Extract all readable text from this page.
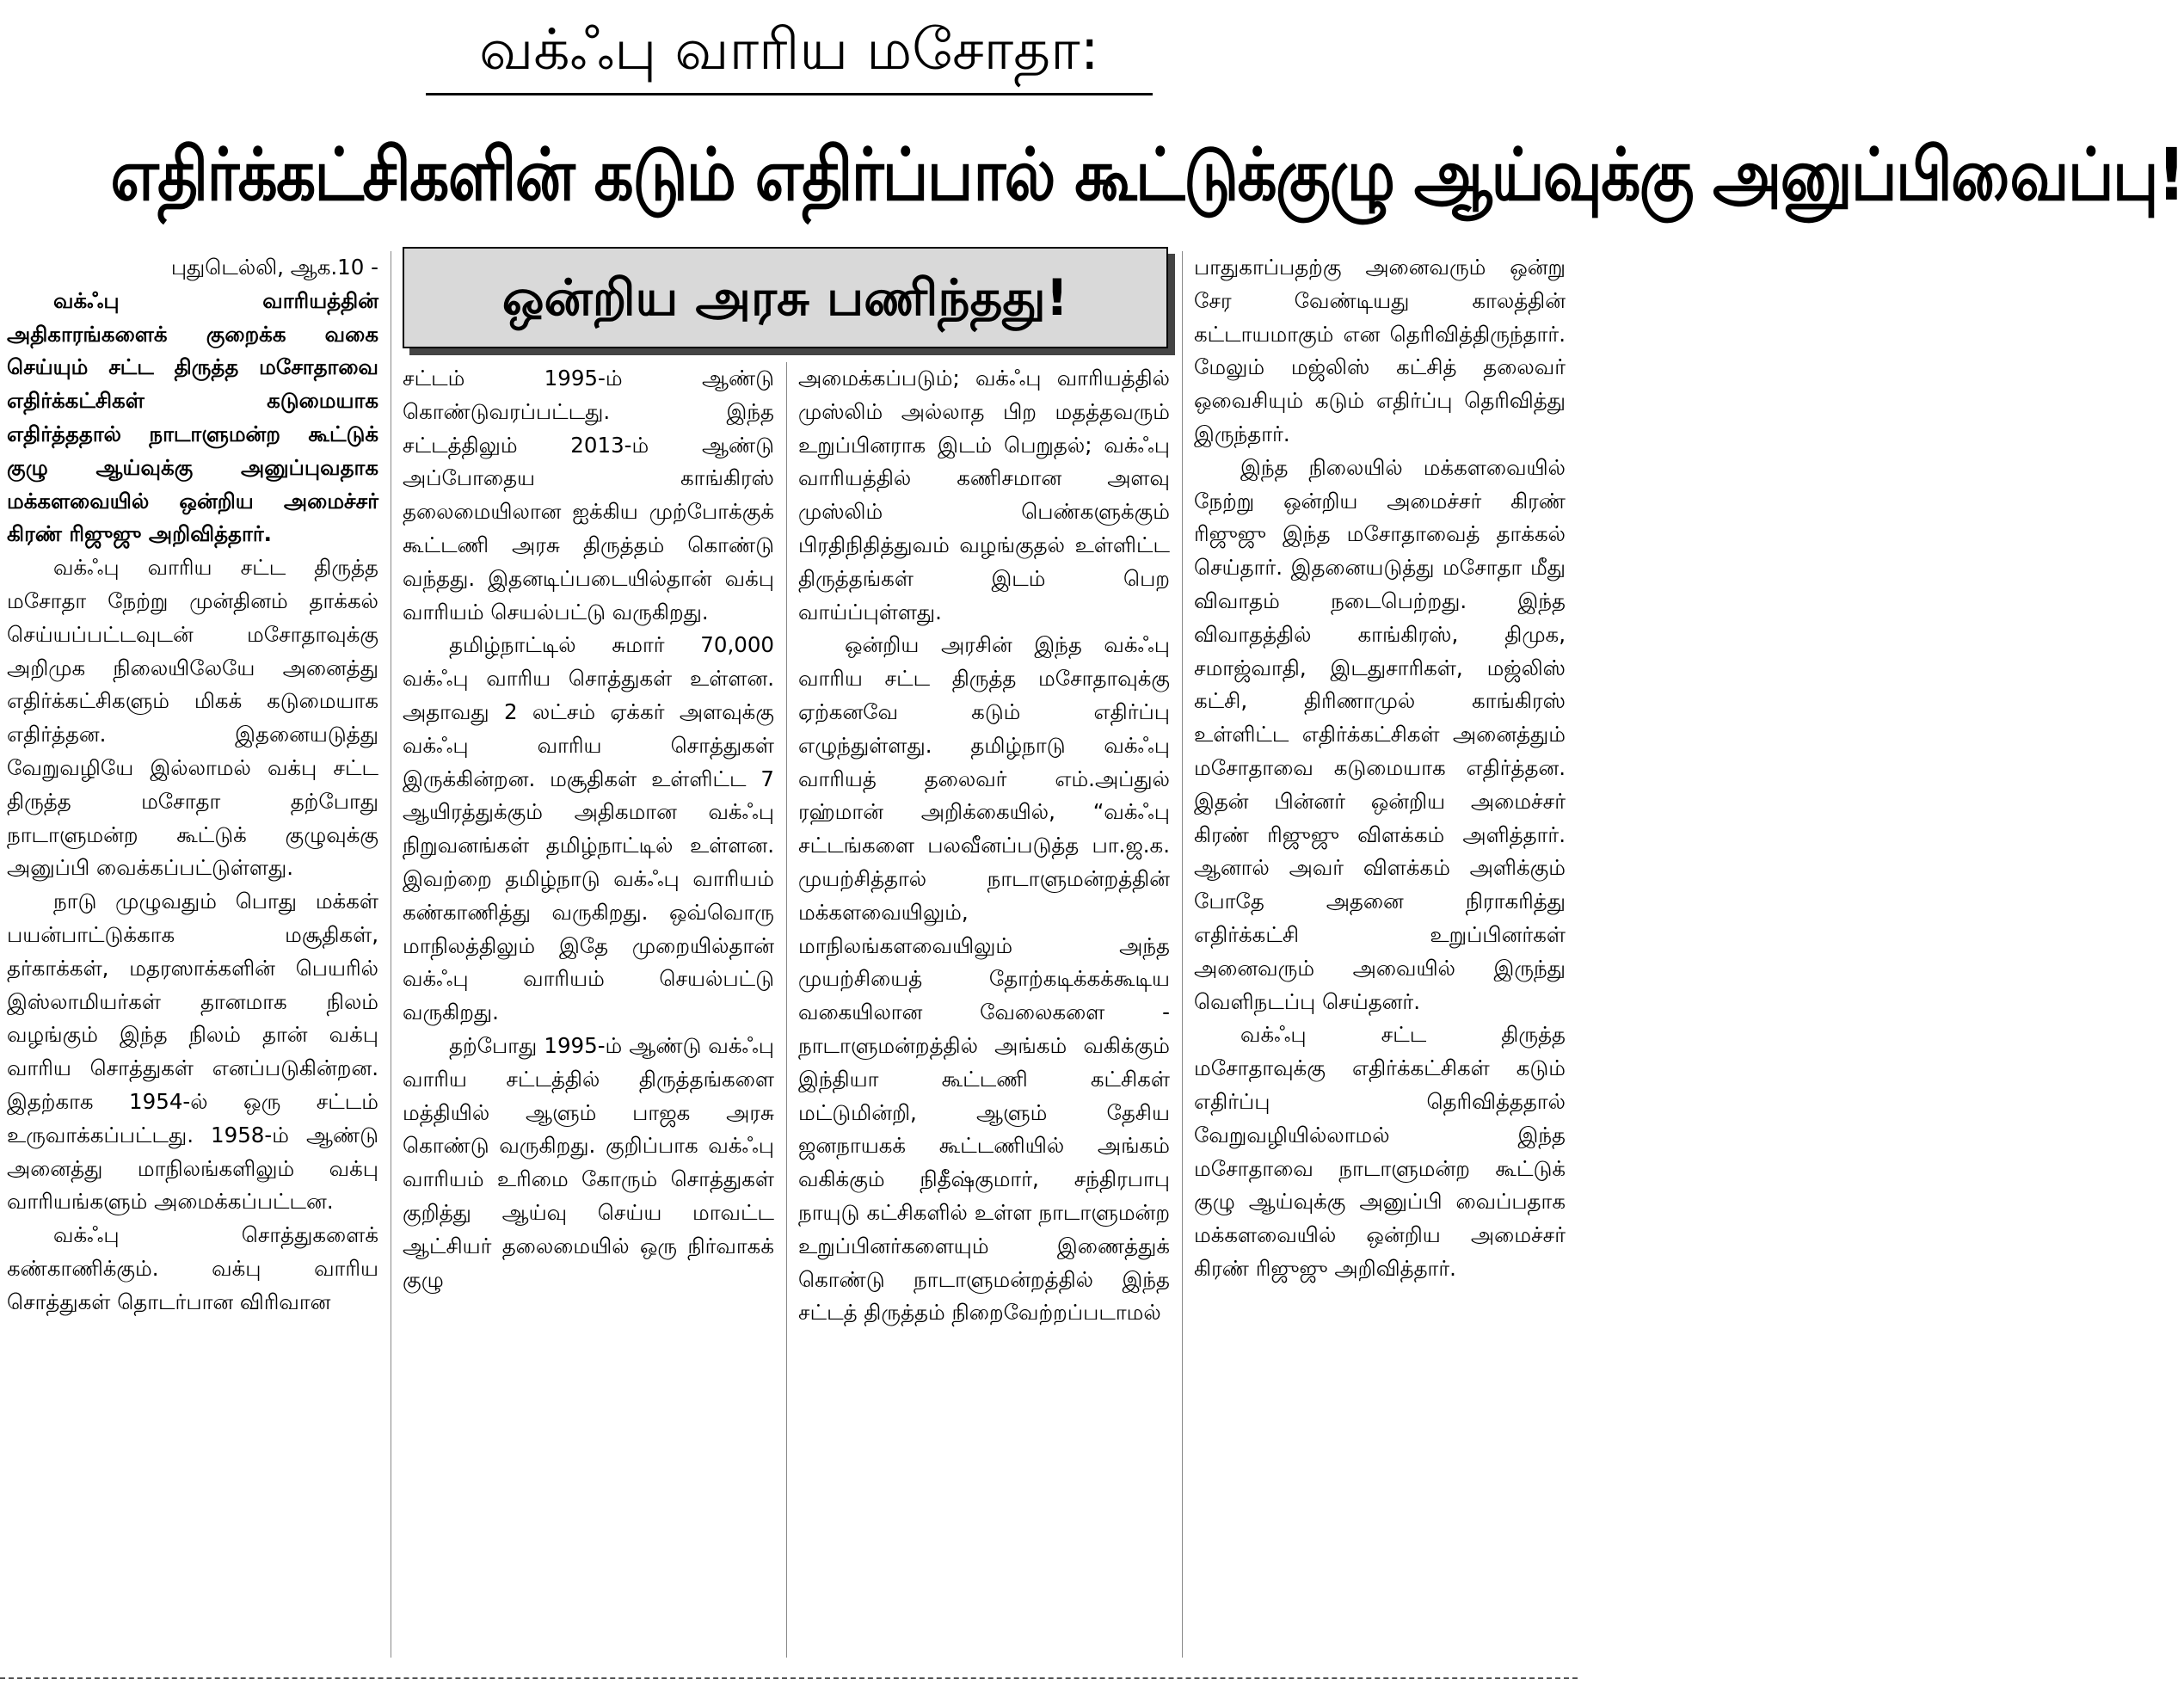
வக்ஃபு வாரிய மசோதா:
எதிர்க்கட்சிகளின் கடும் எதிர்ப்பால் கூட்டுக்குழு ஆய்வுக்கு அனுப்பிவைப்பு!
ஒன்றிய அரசு பணிந்தது!

புதுடெல்லி, ஆக.10 -

வக்ஃபு வாரியத்தின் அதிகாரங்களைக் குறைக்க வகை செய்யும் சட்ட திருத்த மசோதாவை எதிர்க்கட்சிகள் கடுமையாக எதிர்த்ததால் நாடாளுமன்ற கூட்டுக் குழு ஆய்வுக்கு அனுப்புவதாக மக்களவையில் ஒன்றிய அமைச்சர் கிரண் ரிஜுஜு அறிவித்தார்.

வக்ஃபு வாரிய சட்ட திருத்த மசோதா நேற்று முன்தினம் தாக்கல் செய்யப்பட்டவுடன் மசோதாவுக்கு அறிமுக நிலையிலேயே அனைத்து எதிர்க்கட்சிகளும் மிகக் கடுமையாக எதிர்த்தன. இதனையடுத்து வேறுவழியே இல்லாமல் வக்பு சட்ட திருத்த மசோதா தற்போது நாடாளுமன்ற கூட்டுக் குழுவுக்கு அனுப்பி வைக்கப்பட்டுள்ளது.

நாடு முழுவதும் பொது மக்கள் பயன்பாட்டுக்காக மசூதிகள், தர்காக்கள், மதரஸாக்களின் பெயரில் இஸ்லாமியர்கள் தானமாக நிலம் வழங்கும் இந்த நிலம் தான் வக்பு வாரிய சொத்துகள் எனப்படுகின்றன. இதற்காக 1954-ல் ஒரு சட்டம் உருவாக்கப்பட்டது. 1958-ம் ஆண்டு அனைத்து மாநிலங்களிலும் வக்பு வாரியங்களும் அமைக்கப்பட்டன.

வக்ஃபு சொத்துகளைக் கண்காணிக்கும். வக்பு வாரிய சொத்துகள் தொடர்பான விரிவான

சட்டம் 1995-ம் ஆண்டு கொண்டுவரப்பட்டது. இந்த சட்டத்திலும் 2013-ம் ஆண்டு அப்போதைய காங்கிரஸ் தலைமையிலான ஐக்கிய முற்போக்குக் கூட்டணி அரசு திருத்தம் கொண்டு வந்தது. இதனடிப்படையில்தான் வக்பு வாரியம் செயல்பட்டு வருகிறது.

தமிழ்நாட்டில் சுமார் 70,000 வக்ஃபு வாரிய சொத்துகள் உள்ளன. அதாவது 2 லட்சம் ஏக்கர் அளவுக்கு வக்ஃபு வாரிய சொத்துகள் இருக்கின்றன. மசூதிகள் உள்ளிட்ட 7 ஆயிரத்துக்கும் அதிகமான வக்ஃபு நிறுவனங்கள் தமிழ்நாட்டில் உள்ளன. இவற்றை தமிழ்நாடு வக்ஃபு வாரியம் கண்காணித்து வருகிறது. ஒவ்வொரு மாநிலத்திலும் இதே முறையில்தான் வக்ஃபு வாரியம் செயல்பட்டு வருகிறது.

தற்போது 1995-ம் ஆண்டு வக்ஃபு வாரிய சட்டத்தில் திருத்தங்களை மத்தியில் ஆளும் பாஜக அரசு கொண்டு வருகிறது. குறிப்பாக வக்ஃபு வாரியம் உரிமை கோரும் சொத்துகள் குறித்து ஆய்வு செய்ய மாவட்ட ஆட்சியர் தலைமையில் ஒரு நிர்வாகக் குழு

அமைக்கப்படும்; வக்ஃபு வாரியத்தில் முஸ்லிம் அல்லாத பிற மதத்தவரும் உறுப்பினராக இடம் பெறுதல்; வக்ஃபு வாரியத்தில் கணிசமான அளவு முஸ்லிம் பெண்களுக்கும் பிரதிநிதித்துவம் வழங்குதல் உள்ளிட்ட திருத்தங்கள் இடம் பெற வாய்ப்புள்ளது.

ஒன்றிய அரசின் இந்த வக்ஃபு வாரிய சட்ட திருத்த மசோதாவுக்கு ஏற்கனவே கடும் எதிர்ப்பு எழுந்துள்ளது. தமிழ்நாடு வக்ஃபு வாரியத் தலைவர் எம்.அப்துல் ரஹ்மான் அறிக்கையில், “வக்ஃபு சட்டங்களை பலவீனப்படுத்த பா.ஜ.க. முயற்சித்தால் நாடாளுமன்றத்தின் மக்களவையிலும், மாநிலங்களவையிலும் அந்த முயற்சியைத் தோற்கடிக்கக்கூடிய வகையிலான வேலைகளை - நாடாளுமன்றத்தில் அங்கம் வகிக்கும் இந்தியா கூட்டணி கட்சிகள் மட்டுமின்றி, ஆளும் தேசிய ஜனநாயகக் கூட்டணியில் அங்கம் வகிக்கும் நிதீஷ்குமார், சந்திரபாபு நாயுடு கட்சிகளில் உள்ள நாடாளுமன்ற உறுப்பினர்களையும் இணைத்துக் கொண்டு நாடாளுமன்றத்தில் இந்த சட்டத் திருத்தம் நிறைவேற்றப்படாமல்

பாதுகாப்பதற்கு அனைவரும் ஒன்று சேர வேண்டியது காலத்தின் கட்டாயமாகும் என தெரிவித்திருந்தார். மேலும் மஜ்லிஸ் கட்சித் தலைவர் ஒவைசியும் கடும் எதிர்ப்பு தெரிவித்து இருந்தார்.

இந்த நிலையில் மக்களவையில் நேற்று ஒன்றிய அமைச்சர் கிரண் ரிஜுஜு இந்த மசோதாவைத் தாக்கல் செய்தார். இதனையடுத்து மசோதா மீது விவாதம் நடைபெற்றது. இந்த விவாதத்தில் காங்கிரஸ், திமுக, சமாஜ்வாதி, இடதுசாரிகள், மஜ்லிஸ் கட்சி, திரிணாமுல் காங்கிரஸ் உள்ளிட்ட எதிர்க்கட்சிகள் அனைத்தும் மசோதாவை கடுமையாக எதிர்த்தன. இதன் பின்னர் ஒன்றிய அமைச்சர் கிரண் ரிஜுஜு விளக்கம் அளித்தார். ஆனால் அவர் விளக்கம் அளிக்கும் போதே அதனை நிராகரித்து எதிர்க்கட்சி உறுப்பினர்கள் அனைவரும் அவையில் இருந்து வெளிநடப்பு செய்தனர்.

வக்ஃபு சட்ட திருத்த மசோதாவுக்கு எதிர்க்கட்சிகள் கடும் எதிர்ப்பு தெரிவித்ததால் வேறுவழியில்லாமல் இந்த மசோதாவை நாடாளுமன்ற கூட்டுக் குழு ஆய்வுக்கு அனுப்பி வைப்பதாக மக்களவையில் ஒன்றிய அமைச்சர் கிரண் ரிஜுஜு அறிவித்தார்.
